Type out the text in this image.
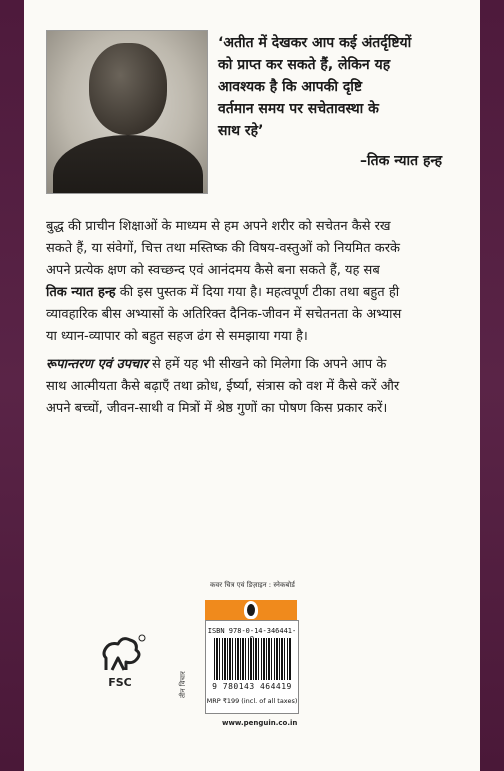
‘अतीत में देखकर आप कई अंतर्दृष्टियों
को प्राप्त कर सकते हैं, लेकिन यह
आवश्यक है कि आपकी दृष्टि
वर्तमान समय पर सचेतावस्था के
साथ रहे’
–तिक न्यात हन्ह
बुद्ध की प्राचीन शिक्षाओं के माध्यम से हम अपने शरीर को सचेतन कैसे रख
सकते हैं, या संवेगों, चित्त तथा मस्तिष्क की विषय-वस्तुओं को नियमित करके
अपने प्रत्येक क्षण को स्वच्छन्द एवं आनंदमय कैसे बना सकते हैं, यह सब
तिक न्यात हन्ह की इस पुस्तक में दिया गया है। महत्वपूर्ण टीका तथा बहुत ही
व्यावहारिक बीस अभ्यासों के अतिरिक्त दैनिक-जीवन में सचेतनता के अभ्यास
या ध्यान-व्यापार को बहुत सहज ढंग से समझाया गया है।
रूपान्तरण एवं उपचार से हमें यह भी सीखने को मिलेगा कि अपने आप के
साथ आत्मीयता कैसे बढ़ाएँ तथा क्रोध, ईर्ष्या, संत्रास को वश में कैसे करें और
अपने बच्चों, जीवन-साथी व मित्रों में श्रेष्ठ गुणों का पोषण किस प्रकार करें।
कवर चित्र एवं डिज़ाइन : स्नेकबोर्ड
FSC	तीन विचार
ISBN 978-0-14-346441-
9 780143 464419
MRP ₹199 (incl. of all taxes)
www.penguin.co.in
